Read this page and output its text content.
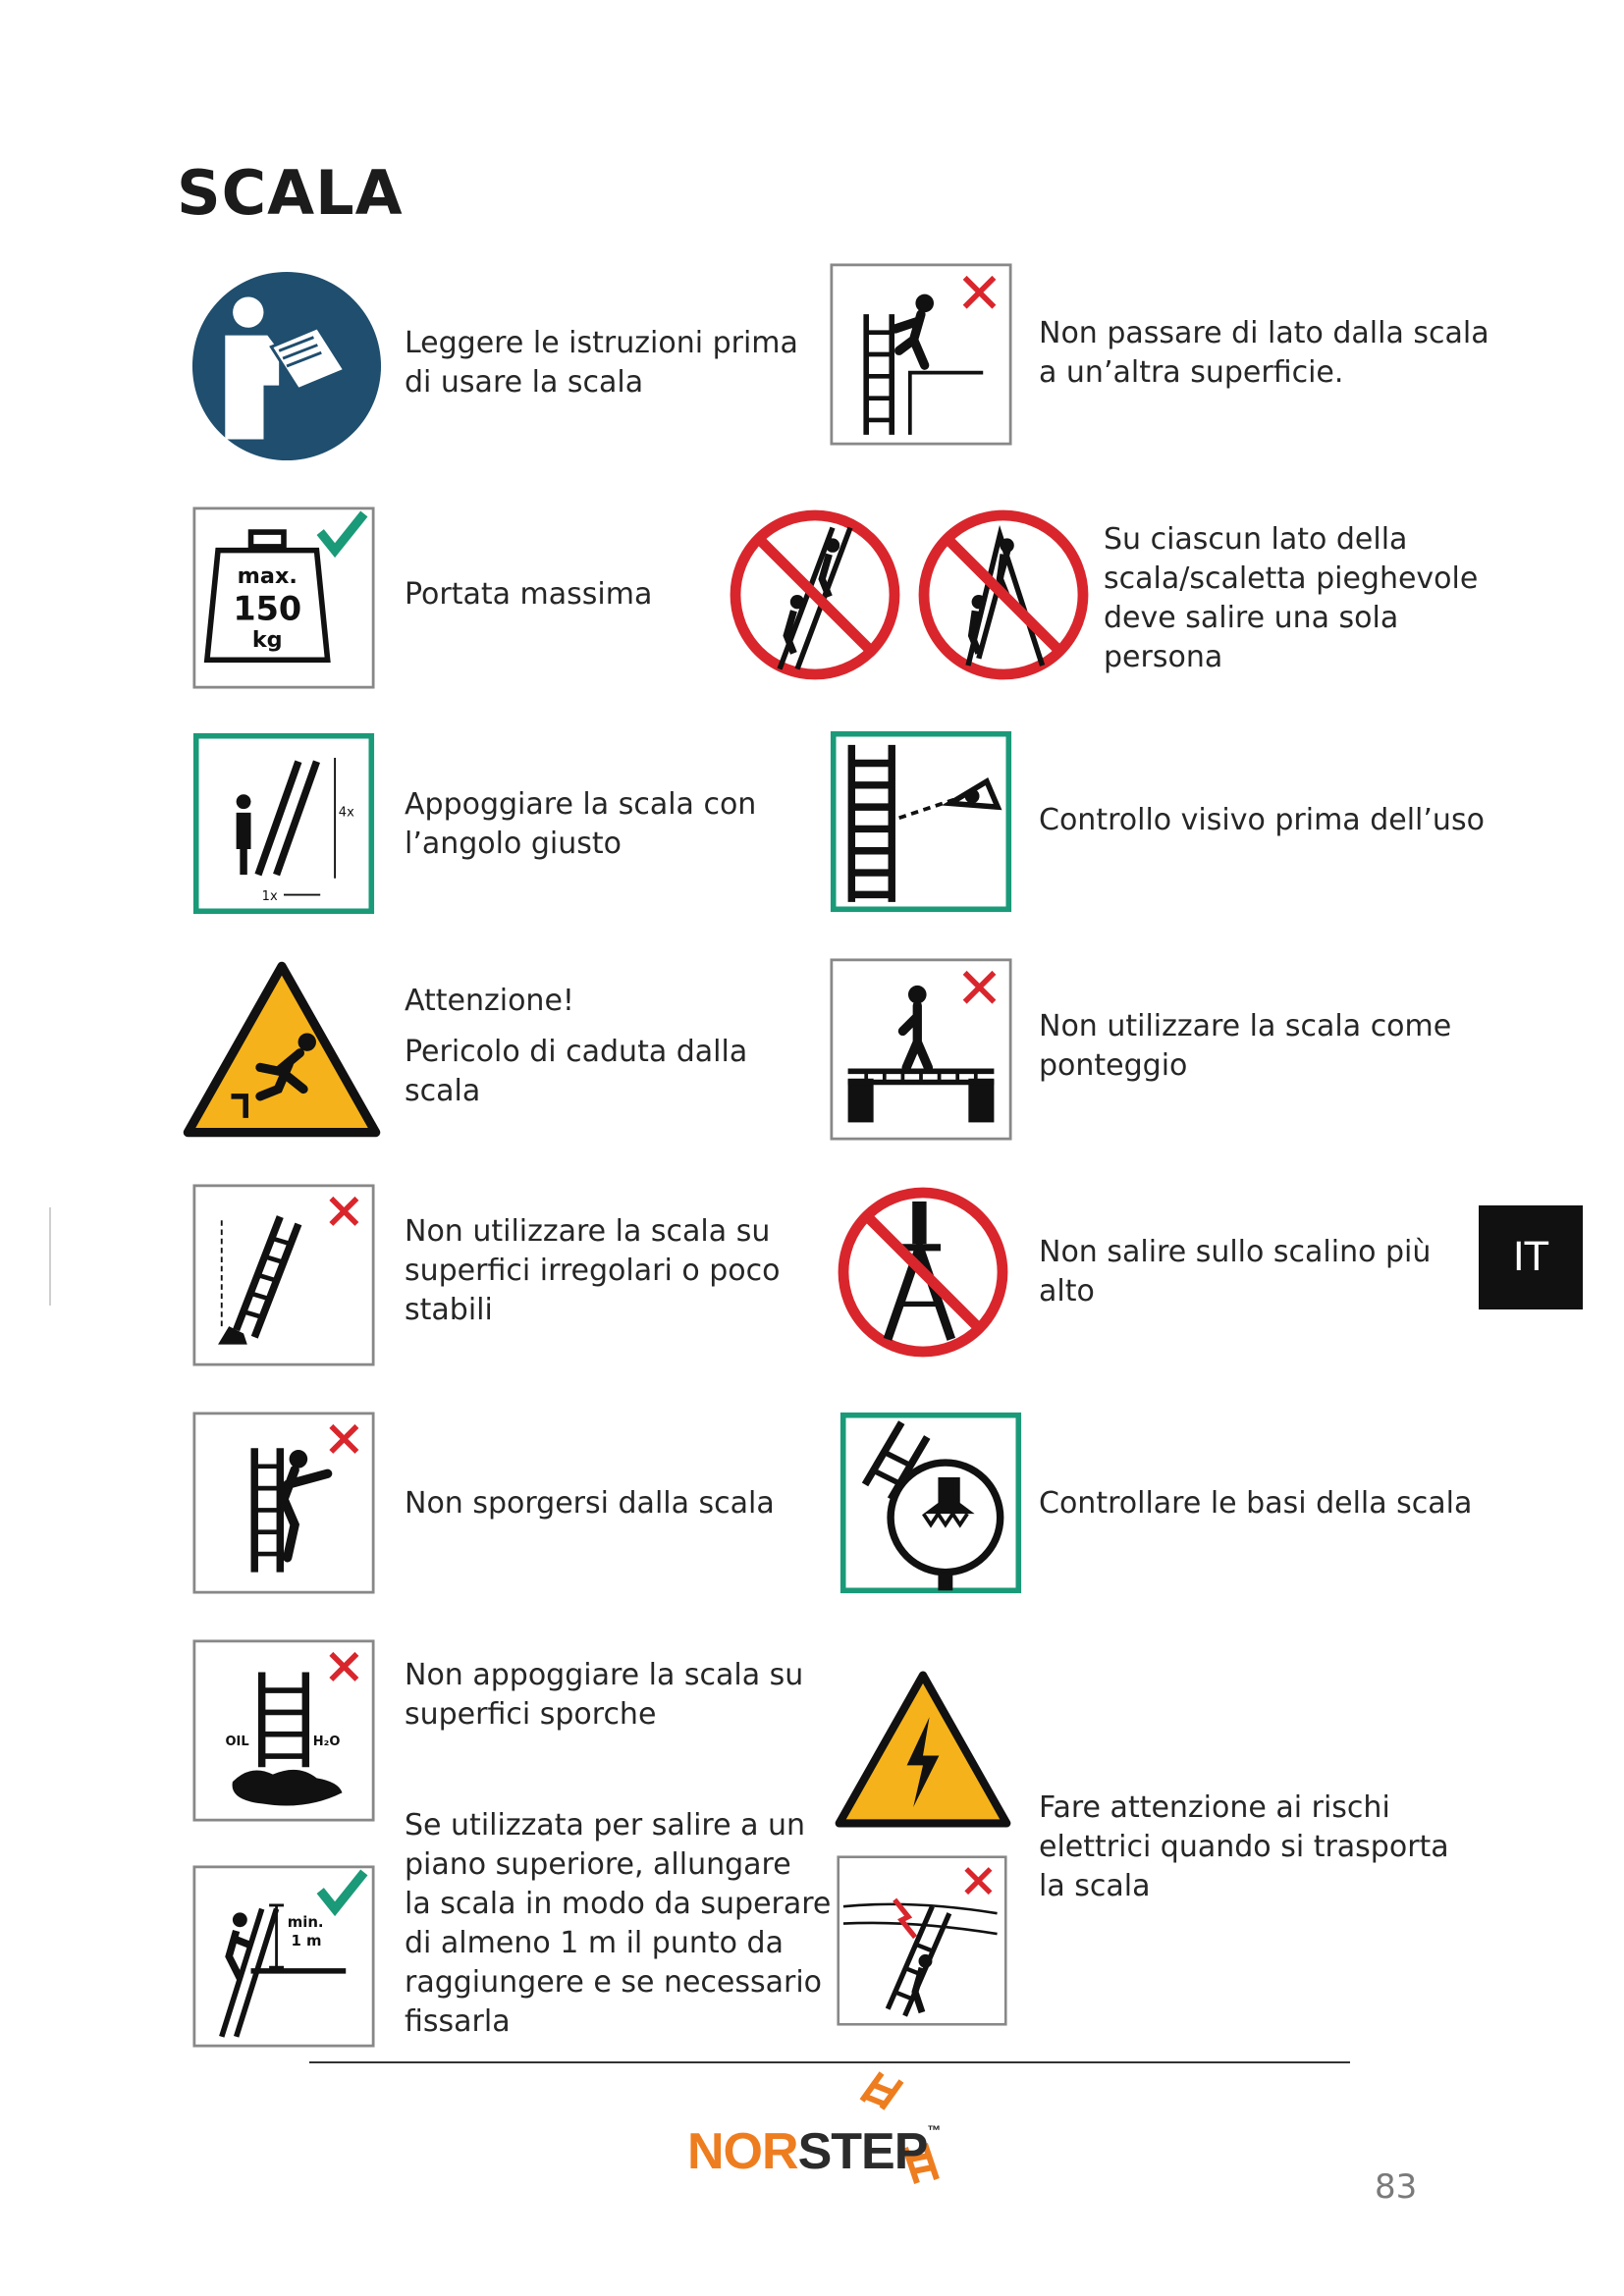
SCALA

Leggere le istruzioni prima
di usare la scala

max.
150
kg

Portata massima

4x
1x

Appoggiare la scala con
l’angolo giusto

Attenzione!

Pericolo di caduta dalla
scala

Non utilizzare la scala su
superfici irregolari o poco
stabili

Non sporgersi dalla scala

OIL	H₂O

Non appoggiare la scala su
superfici sporche

min.
1 m

Se utilizzata per salire a un
piano superiore, allungare
la scala in modo da superare
di almeno 1 m il punto da
raggiungere e se necessario
fissarla

Non passare di lato dalla scala
a un’altra superficie.

Su ciascun lato della
scala/scaletta pieghevole
deve salire una sola
persona

Controllo visivo prima dell’uso

Non utilizzare la scala come
ponteggio

Non salire sullo scalino più
alto

Controllare le basi della scala

Fare attenzione ai rischi
elettrici quando si trasporta
la scala

IT
NORSTEP™
83
